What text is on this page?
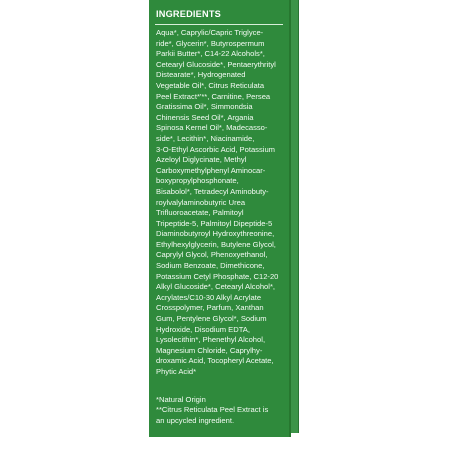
INGREDIENTS
Aqua*, Caprylic/Capric Triglyce-
ride*, Glycerin*, Butyrospermum
Parkii Butter*, C14-22 Alcohols*,
Cetearyl Glucoside*, Pentaerythrityl
Distearate*, Hydrogenated
Vegetable Oil*, Citrus Reticulata
Peel Extract*'**, Carnitine, Persea
Gratissima Oil*, Simmondsia
Chinensis Seed Oil*, Argania
Spinosa Kernel Oil*, Madecasso-
side*, Lecithin*, Niacinamide,
3-O-Ethyl Ascorbic Acid, Potassium
Azeloyl Diglycinate, Methyl
Carboxymethylphenyl Aminocar-
boxypropylphosphonate,
Bisabolol*, Tetradecyl Aminobuty-
roylvalylaminobutyric Urea
Trifluoroacetate, Palmitoyl
Tripeptide-5, Palmitoyl Dipeptide-5
Diaminobutyroyl Hydroxythreonine,
Ethylhexylglycerin, Butylene Glycol,
Caprylyl Glycol, Phenoxyethanol,
Sodium Benzoate, Dimethicone,
Potassium Cetyl Phosphate, C12-20
Alkyl Glucoside*, Cetearyl Alcohol*,
Acrylates/C10-30 Alkyl Acrylate
Crosspolymer, Parfum, Xanthan
Gum, Pentylene Glycol*, Sodium
Hydroxide, Disodium EDTA,
Lysolecithin*, Phenethyl Alcohol,
Magnesium Chloride, Caprylhy-
droxamic Acid, Tocopheryl Acetate,
Phytic Acid*
*Natural Origin
**Citrus Reticulata Peel Extract is
an upcycled ingredient.
